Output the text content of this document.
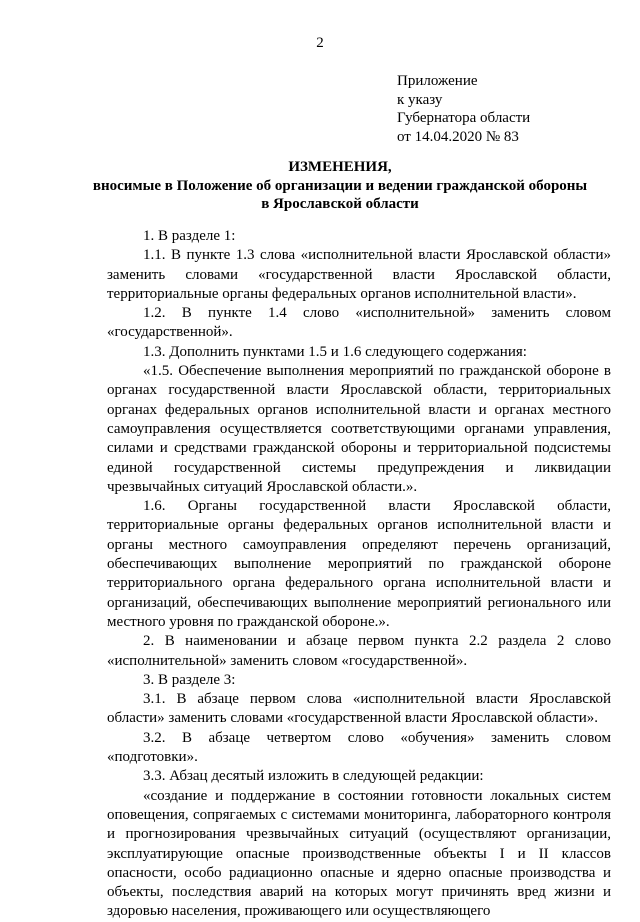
2
Приложение
к указу
Губернатора области
от 14.04.2020 № 83
ИЗМЕНЕНИЯ,
вносимые в Положение об организации и ведении гражданской обороны
в Ярославской области

1. В разделе 1:

1.1. В пункте 1.3 слова «исполнительной власти Ярославской области» заменить словами «государственной власти Ярославской области, территориальные органы федеральных органов исполнительной власти».

1.2. В пункте 1.4 слово «исполнительной» заменить словом «государственной».

1.3. Дополнить пунктами 1.5 и 1.6 следующего содержания:

«1.5. Обеспечение выполнения мероприятий по гражданской обороне в органах государственной власти Ярославской области, территориальных органах федеральных органов исполнительной власти и органах местного самоуправления осуществляется соответствующими органами управления, силами и средствами гражданской обороны и территориальной подсистемы единой государственной системы предупреждения и ликвидации чрезвычайных ситуаций Ярославской области.».

1.6. Органы государственной власти Ярославской области, территориальные органы федеральных органов исполнительной власти и органы местного самоуправления определяют перечень организаций, обеспечивающих выполнение мероприятий по гражданской обороне территориального органа федерального органа исполнительной власти и организаций, обеспечивающих выполнение мероприятий регионального или местного уровня по гражданской обороне.».

2. В наименовании и абзаце первом пункта 2.2 раздела 2 слово «исполнительной» заменить словом «государственной».

3. В разделе 3:

3.1. В абзаце первом слова «исполнительной власти Ярославской области» заменить словами «государственной власти Ярославской области».

3.2. В абзаце четвертом слово «обучения» заменить словом «подготовки».

3.3. Абзац десятый изложить в следующей редакции:

«создание и поддержание в состоянии готовности локальных систем оповещения, сопрягаемых с системами мониторинга, лабораторного контроля и прогнозирования чрезвычайных ситуаций (осуществляют организации, эксплуатирующие опасные производственные объекты I и II классов опасности, особо радиационно опасные и ядерно опасные производства и объекты, последствия аварий на которых могут причинять вред жизни и здоровью населения, проживающего или осуществляющего
